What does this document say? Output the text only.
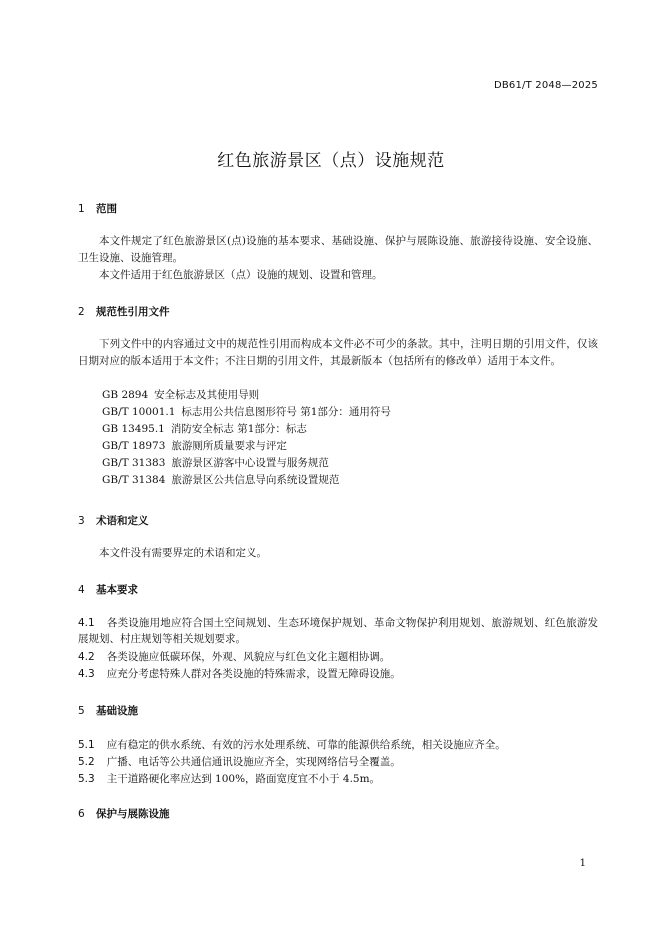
DB61/T 2048—2025
红色旅游景区（点）设施规范
1 范围
本文件规定了红色旅游景区(点)设施的基本要求、基础设施、保护与展陈设施、旅游接待设施、安全设施、卫生设施、设施管理。
本文件适用于红色旅游景区（点）设施的规划、设置和管理。
2 规范性引用文件
下列文件中的内容通过文中的规范性引用而构成本文件必不可少的条款。其中，注明日期的引用文件，仅该日期对应的版本适用于本文件；不注日期的引用文件，其最新版本（包括所有的修改单）适用于本文件。
GB 2894 安全标志及其使用导则
GB/T 10001.1 标志用公共信息图形符号 第1部分：通用符号
GB 13495.1 消防安全标志 第1部分：标志
GB/T 18973 旅游厕所质量要求与评定
GB/T 31383 旅游景区游客中心设置与服务规范
GB/T 31384 旅游景区公共信息导向系统设置规范
3 术语和定义
本文件没有需要界定的术语和定义。
4 基本要求
4.1 各类设施用地应符合国土空间规划、生态环境保护规划、革命文物保护利用规划、旅游规划、红色旅游发展规划、村庄规划等相关规划要求。
4.2 各类设施应低碳环保，外观、风貌应与红色文化主题相协调。
4.3 应充分考虑特殊人群对各类设施的特殊需求，设置无障碍设施。
5 基础设施
5.1 应有稳定的供水系统、有效的污水处理系统、可靠的能源供给系统，相关设施应齐全。
5.2 广播、电话等公共通信通讯设施应齐全，实现网络信号全覆盖。
5.3 主干道路硬化率应达到 100%，路面宽度宜不小于 4.5m。
6 保护与展陈设施
1
